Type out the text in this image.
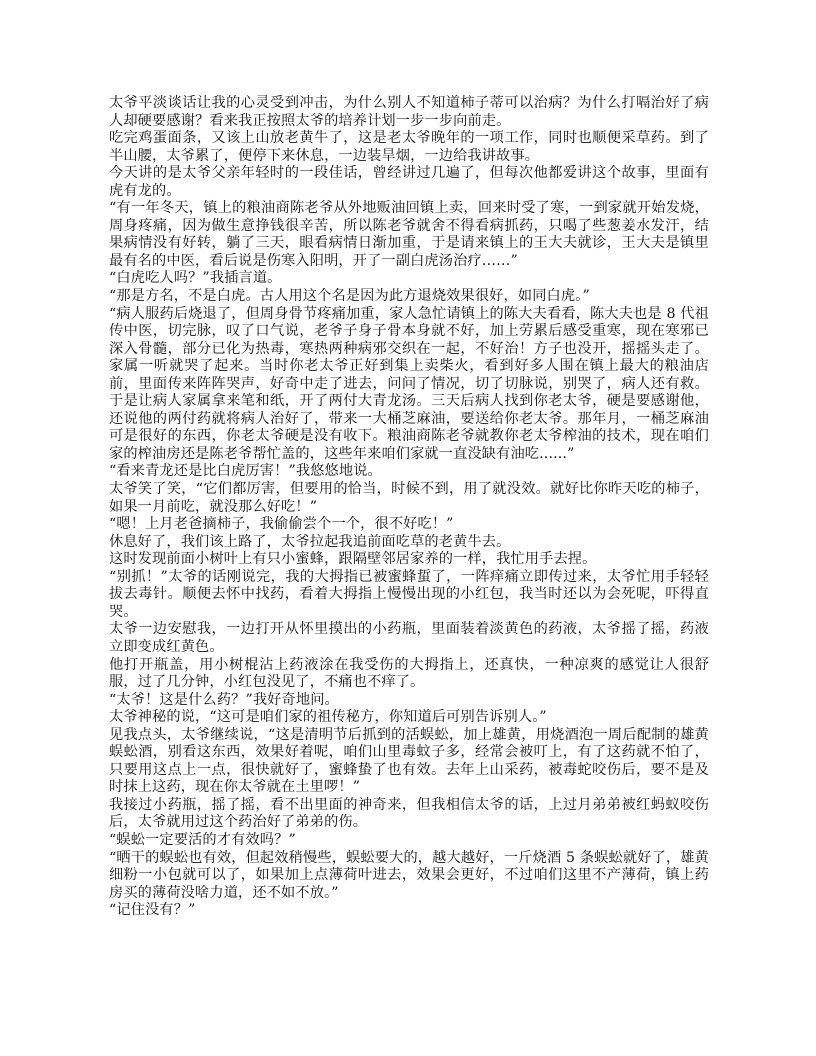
太爷平淡谈话让我的心灵受到冲击，为什么别人不知道柿子蒂可以治病？为什么打嗝治好了病人却硬要感谢？看来我正按照太爷的培养计划一步一步向前走。

吃完鸡蛋面条，又该上山放老黄牛了，这是老太爷晚年的一项工作，同时也顺便采草药。到了半山腰，太爷累了，便停下来休息，一边装旱烟，一边给我讲故事。

今天讲的是太爷父亲年轻时的一段佳话，曾经讲过几遍了，但每次他都爱讲这个故事，里面有虎有龙的。

“有一年冬天，镇上的粮油商陈老爷从外地贩油回镇上卖，回来时受了寒，一到家就开始发烧，周身疼痛，因为做生意挣钱很辛苦，所以陈老爷就舍不得看病抓药，只喝了些葱姜水发汗，结果病情没有好转，躺了三天，眼看病情日渐加重，于是请来镇上的王大夫就诊，王大夫是镇里最有名的中医，看后说是伤寒入阳明，开了一副白虎汤治疗……”

“白虎吃人吗？”我插言道。

“那是方名，不是白虎。古人用这个名是因为此方退烧效果很好，如同白虎。”

“病人服药后烧退了，但周身骨节疼痛加重，家人急忙请镇上的陈大夫看看，陈大夫也是 8 代祖传中医，切完脉，叹了口气说，老爷子身子骨本身就不好，加上劳累后感受重寒，现在寒邪已深入骨髓，部分已化为热毒，寒热两种病邪交织在一起，不好治！方子也没开，摇摇头走了。家属一听就哭了起来。当时你老太爷正好到集上卖柴火，看到好多人围在镇上最大的粮油店前，里面传来阵阵哭声，好奇中走了进去，问问了情况，切了切脉说，别哭了，病人还有救。于是让病人家属拿来笔和纸，开了两付大青龙汤。三天后病人找到你老太爷，硬是要感谢他，还说他的两付药就将病人治好了，带来一大桶芝麻油，要送给你老太爷。那年月，一桶芝麻油可是很好的东西，你老太爷硬是没有收下。粮油商陈老爷就教你老太爷榨油的技术，现在咱们家的榨油房还是陈老爷帮忙盖的，这些年来咱们家就一直没缺有油吃......”

“看来青龙还是比白虎厉害！”我悠悠地说。

太爷笑了笑，“它们都厉害，但要用的恰当，时候不到，用了就没效。就好比你昨天吃的柿子，如果一月前吃，就没那么好吃！”

“嗯！上月老爸摘柿子，我偷偷尝个一个，很不好吃！”

休息好了，我们该上路了，太爷拉起我追前面吃草的老黄牛去。

这时发现前面小树叶上有只小蜜蜂，跟隔壁邻居家养的一样，我忙用手去捏。

“别抓！”太爷的话刚说完，我的大拇指已被蜜蜂蜇了，一阵痒痛立即传过来，太爷忙用手轻轻拔去毒针。顺便去怀中找药，看着大拇指上慢慢出现的小红包，我当时还以为会死呢，吓得直哭。

太爷一边安慰我，一边打开从怀里摸出的小药瓶，里面装着淡黄色的药液，太爷摇了摇，药液立即变成红黄色。

他打开瓶盖，用小树棍沾上药液涂在我受伤的大拇指上，还真快，一种凉爽的感觉让人很舒服，过了几分钟，小红包没见了，不痛也不痒了。

“太爷！这是什么药？”我好奇地问。

太爷神秘的说，“这可是咱们家的祖传秘方，你知道后可别告诉别人。”

见我点头，太爷继续说，“这是清明节后抓到的活蜈蚣，加上雄黄，用烧酒泡一周后配制的雄黄蜈蚣酒，别看这东西，效果好着呢，咱们山里毒蚊子多，经常会被叮上，有了这药就不怕了，只要用这点上一点，很快就好了，蜜蜂蛰了也有效。去年上山采药，被毒蛇咬伤后，要不是及时抹上这药，现在你太爷就在土里啰！”

我接过小药瓶，摇了摇，看不出里面的神奇来，但我相信太爷的话，上过月弟弟被红蚂蚁咬伤后，太爷就用过这个药治好了弟弟的伤。

“蜈蚣一定要活的才有效吗？”

“晒干的蜈蚣也有效，但起效稍慢些，蜈蚣要大的，越大越好，一斤烧酒 5 条蜈蚣就好了，雄黄细粉一小包就可以了，如果加上点薄荷叶进去，效果会更好，不过咱们这里不产薄荷，镇上药房买的薄荷没啥力道，还不如不放。”

“记住没有？”
